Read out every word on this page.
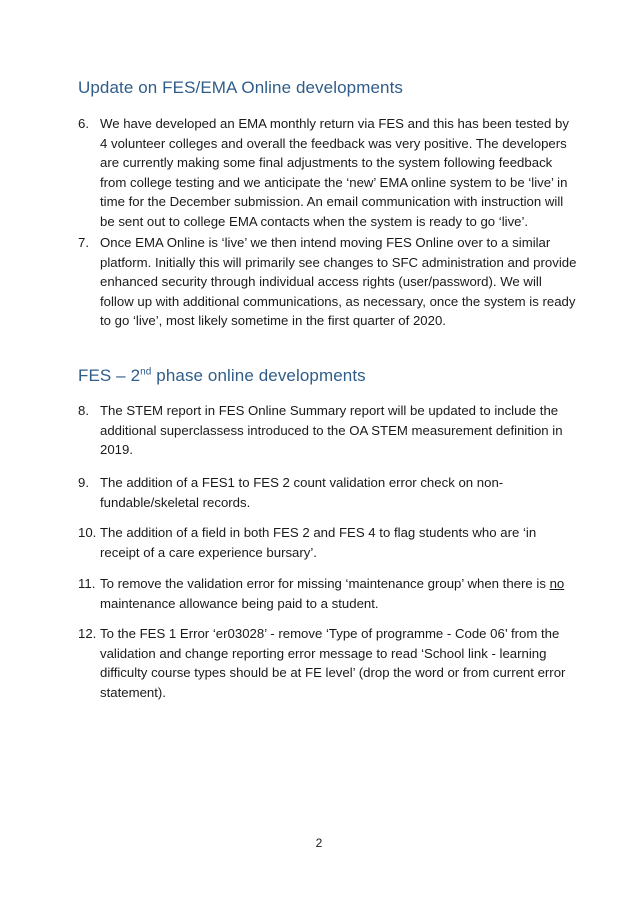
Update on FES/EMA Online developments
6. We have developed an EMA monthly return via FES and this has been tested by 4 volunteer colleges and overall the feedback was very positive. The developers are currently making some final adjustments to the system following feedback from college testing and we anticipate the ‘new’ EMA online system to be ‘live’ in time for the December submission. An email communication with instruction will be sent out to college EMA contacts when the system is ready to go ‘live’.
7. Once EMA Online is ‘live’ we then intend moving FES Online over to a similar platform. Initially this will primarily see changes to SFC administration and provide enhanced security through individual access rights (user/password). We will follow up with additional communications, as necessary, once the system is ready to go ‘live’, most likely sometime in the first quarter of 2020.
FES – 2nd phase online developments
8. The STEM report in FES Online Summary report will be updated to include the additional superclassess introduced to the OA STEM measurement definition in 2019.
9. The addition of a FES1 to FES 2 count validation error check on non-fundable/skeletal records.
10. The addition of a field in both FES 2 and FES 4 to flag students who are ‘in receipt of a care experience bursary’.
11. To remove the validation error for missing ‘maintenance group’ when there is no maintenance allowance being paid to a student.
12. To the FES 1 Error ‘er03028’ - remove ‘Type of programme - Code 06’ from the validation and change reporting error message to read ‘School link - learning difficulty course types should be at FE level’ (drop the word or from current error statement).
2
